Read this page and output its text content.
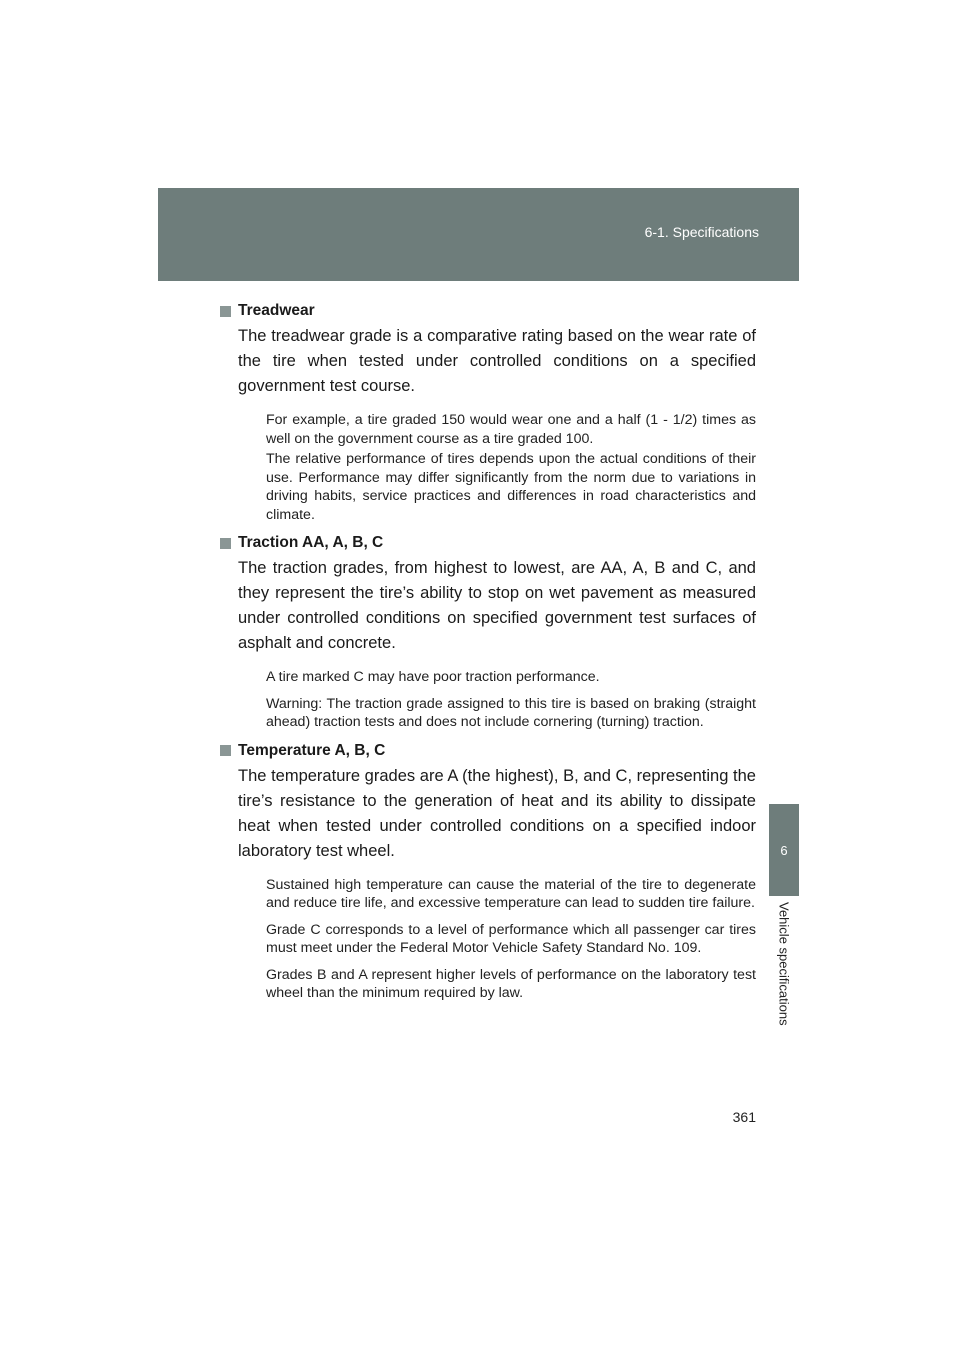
6-1. Specifications
6
Vehicle specifications
Treadwear

The treadwear grade is a comparative rating based on the wear rate of the tire when tested under controlled conditions on a specified government test course.

For example, a tire graded 150 would wear one and a half (1 - 1/2) times as well on the government course as a tire graded 100.

The relative performance of tires depends upon the actual conditions of their use. Performance may differ significantly from the norm due to variations in driving habits, service practices and differences in road characteristics and climate.

Traction AA, A, B, C

The traction grades, from highest to lowest, are AA, A, B and C, and they represent the tire’s ability to stop on wet pavement as measured under controlled conditions on specified government test surfaces of asphalt and concrete.

A tire marked C may have poor traction performance.

Warning: The traction grade assigned to this tire is based on braking (straight ahead) traction tests and does not include cornering (turning) traction.

Temperature A, B, C

The temperature grades are A (the highest), B, and C, representing the tire’s resistance to the generation of heat and its ability to dissipate heat when tested under controlled conditions on a specified indoor laboratory test wheel.

Sustained high temperature can cause the material of the tire to degenerate and reduce tire life, and excessive temperature can lead to sudden tire failure.

Grade C corresponds to a level of performance which all passenger car tires must meet under the Federal Motor Vehicle Safety Standard No. 109.

Grades B and A represent higher levels of performance on the laboratory test wheel than the minimum required by law.

361
